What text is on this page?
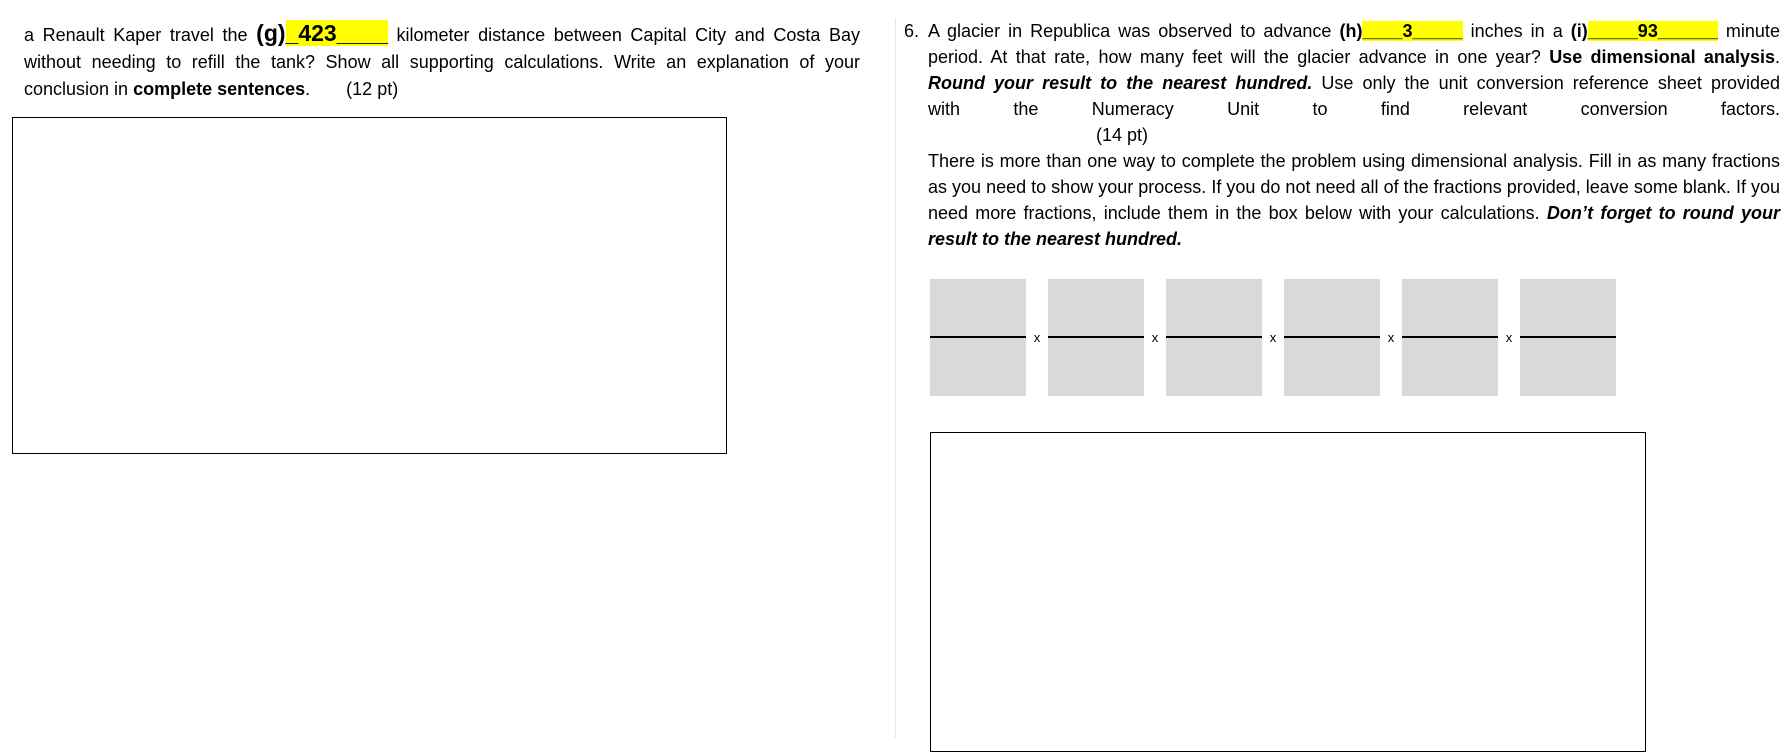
a Renault Kaper travel the (g)_423____ kilometer distance between Capital City and Costa Bay
without needing to refill the tank? Show all supporting calculations. Write an explanation of your
conclusion in complete sentences. (12 pt)
6. A glacier in Republica was observed to advance (h)____3_____ inches in a (i)_____93______ minute
period. At that rate, how many feet will the glacier advance in one year? Use dimensional analysis.
Round your result to the nearest hundred. Use only the unit conversion reference sheet provided
with the Numeracy Unit to find relevant conversion factors.
(14 pt)

There is more than one way to complete the problem using dimensional analysis. Fill in as many fractions as you need to show your process. If you do not need all of the fractions provided, leave some blank. If you need more fractions, include them in the box below with your calculations. Don’t forget to round your result to the nearest hundred.

x	x	x	x	x
